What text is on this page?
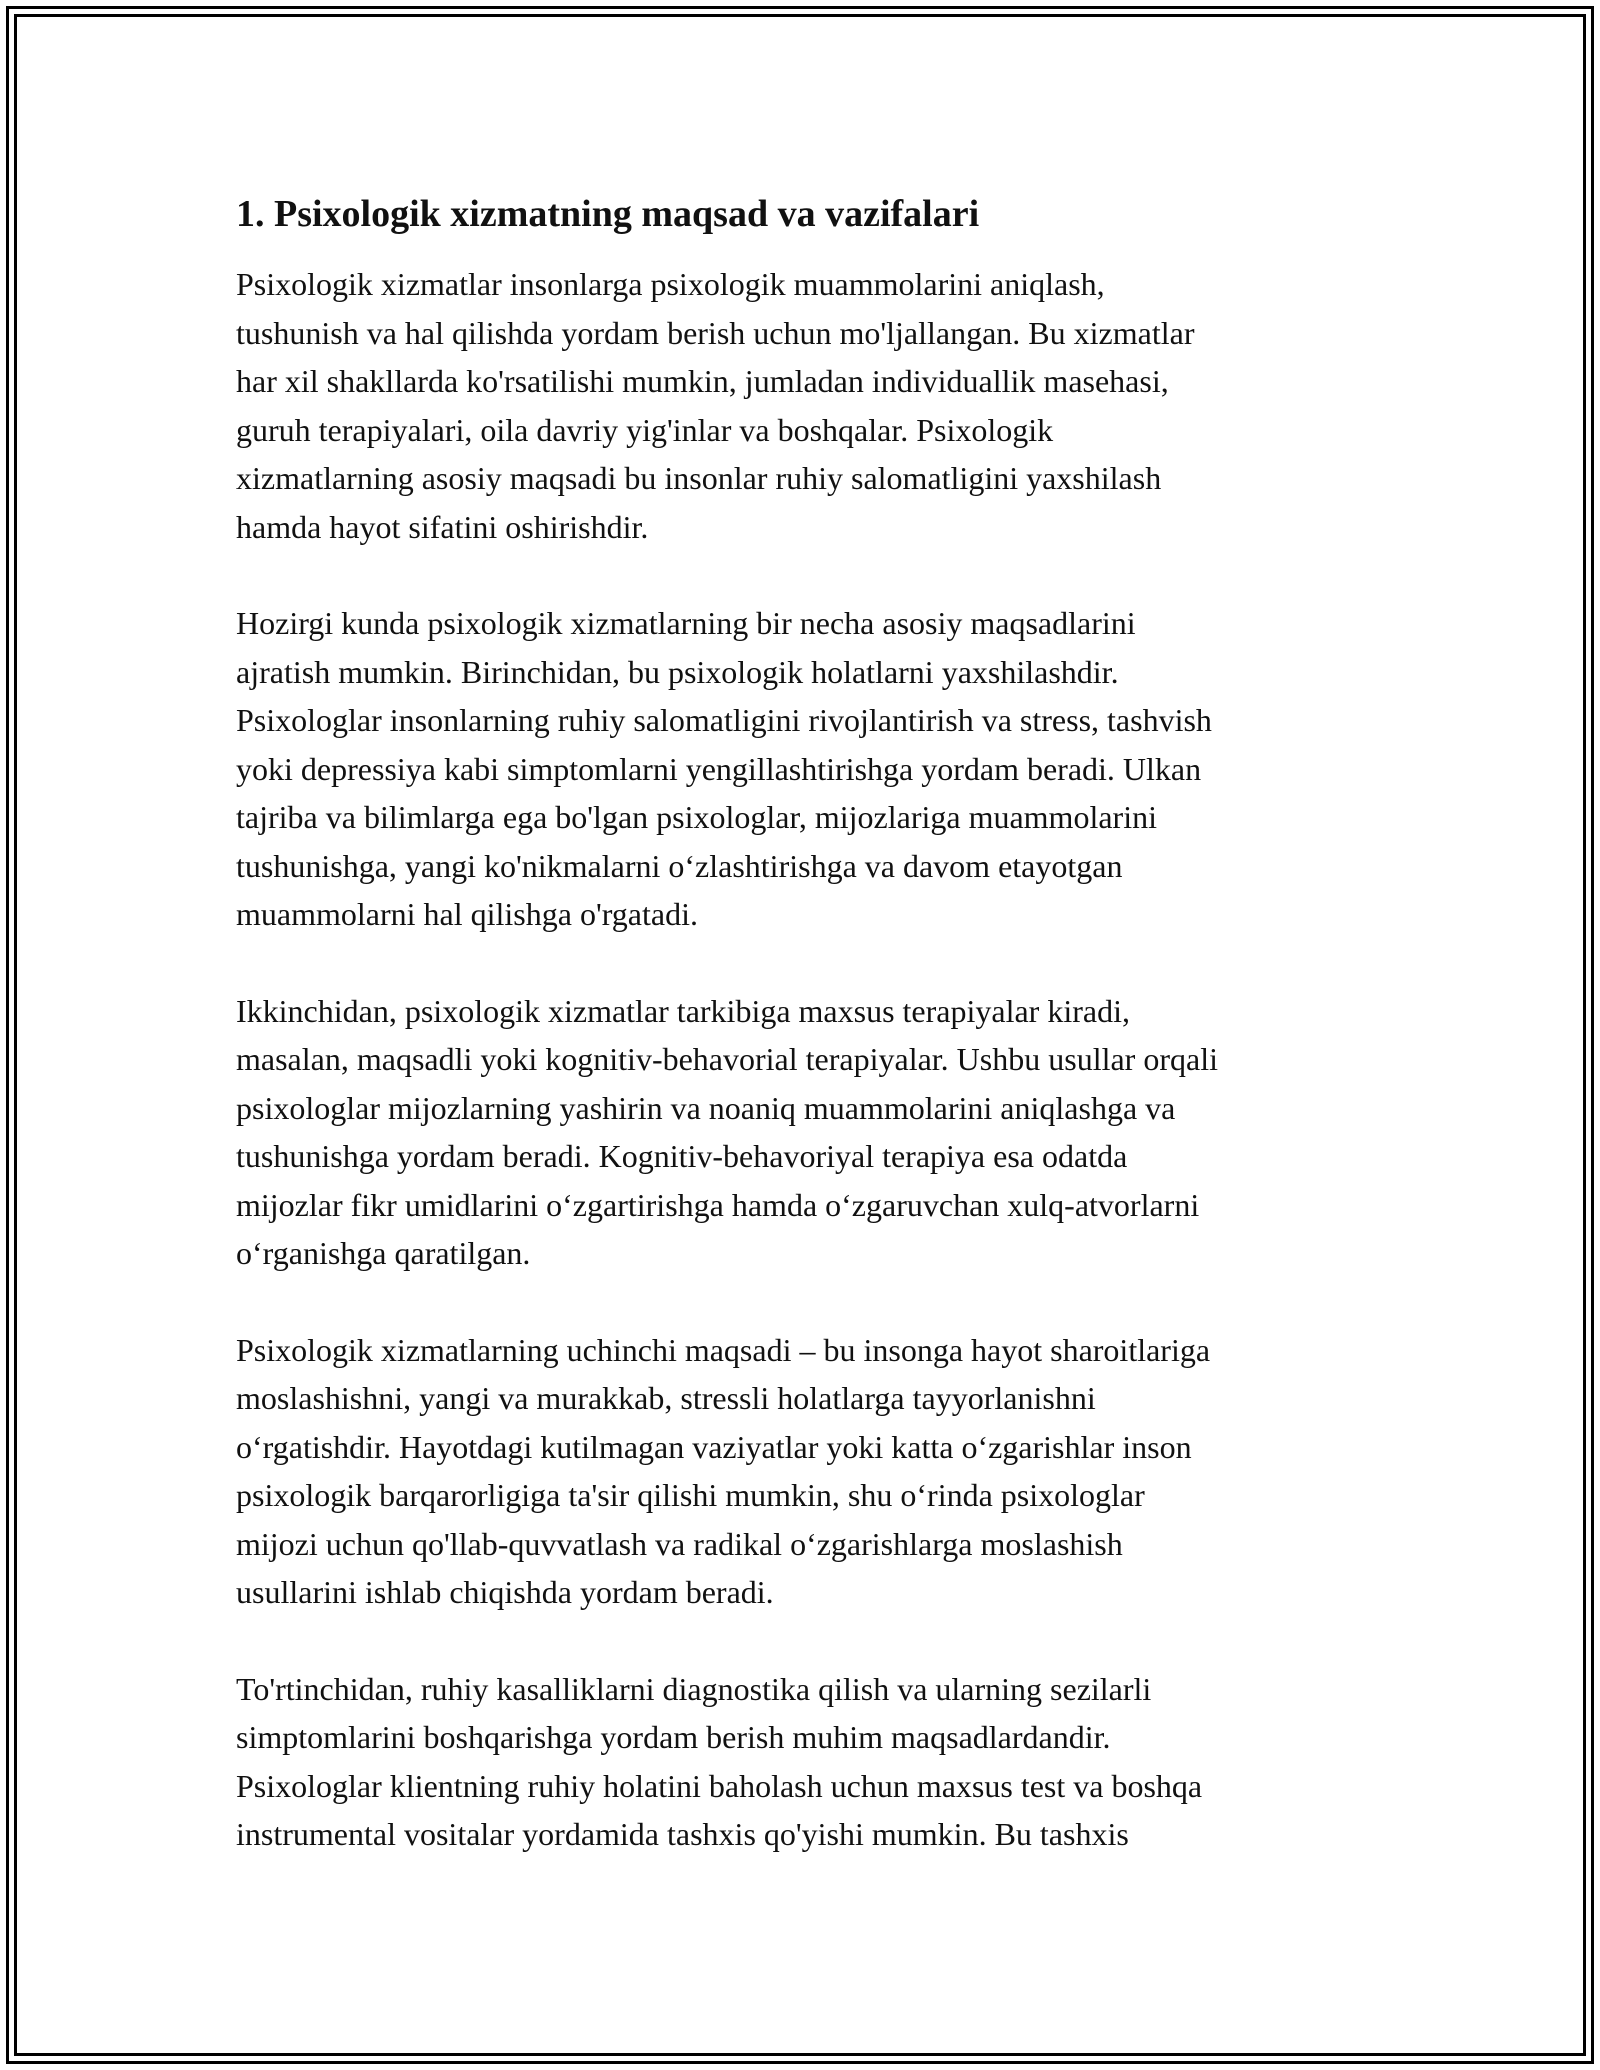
1. Psixologik xizmatning maqsad va vazifalari

Psixologik xizmatlar insonlarga psixologik muammolarini aniqlash,
tushunish va hal qilishda yordam berish uchun mo'ljallangan. Bu xizmatlar
har xil shakllarda ko'rsatilishi mumkin, jumladan individuallik masehasi,
guruh terapiyalari, oila davriy yig'inlar va boshqalar. Psixologik
xizmatlarning asosiy maqsadi bu insonlar ruhiy salomatligini yaxshilash
hamda hayot sifatini oshirishdir.

Hozirgi kunda psixologik xizmatlarning bir necha asosiy maqsadlarini
ajratish mumkin. Birinchidan, bu psixologik holatlarni yaxshilashdir.
Psixologlar insonlarning ruhiy salomatligini rivojlantirish va stress, tashvish
yoki depressiya kabi simptomlarni yengillashtirishga yordam beradi. Ulkan
tajriba va bilimlarga ega bo'lgan psixologlar, mijozlariga muammolarini
tushunishga, yangi ko'nikmalarni o‘zlashtirishga va davom etayotgan
muammolarni hal qilishga o'rgatadi.

Ikkinchidan, psixologik xizmatlar tarkibiga maxsus terapiyalar kiradi,
masalan, maqsadli yoki kognitiv-behavorial terapiyalar. Ushbu usullar orqali
psixologlar mijozlarning yashirin va noaniq muammolarini aniqlashga va
tushunishga yordam beradi. Kognitiv-behavoriyal terapiya esa odatda
mijozlar fikr umidlarini o‘zgartirishga hamda o‘zgaruvchan xulq-atvorlarni
o‘rganishga qaratilgan.

Psixologik xizmatlarning uchinchi maqsadi – bu insonga hayot sharoitlariga
moslashishni, yangi va murakkab, stressli holatlarga tayyorlanishni
o‘rgatishdir. Hayotdagi kutilmagan vaziyatlar yoki katta o‘zgarishlar inson
psixologik barqarorligiga ta'sir qilishi mumkin, shu o‘rinda psixologlar
mijozi uchun qo'llab-quvvatlash va radikal o‘zgarishlarga moslashish
usullarini ishlab chiqishda yordam beradi.

To'rtinchidan, ruhiy kasalliklarni diagnostika qilish va ularning sezilarli
simptomlarini boshqarishga yordam berish muhim maqsadlardandir.
Psixologlar klientning ruhiy holatini baholash uchun maxsus test va boshqa
instrumental vositalar yordamida tashxis qo'yishi mumkin. Bu tashxis
